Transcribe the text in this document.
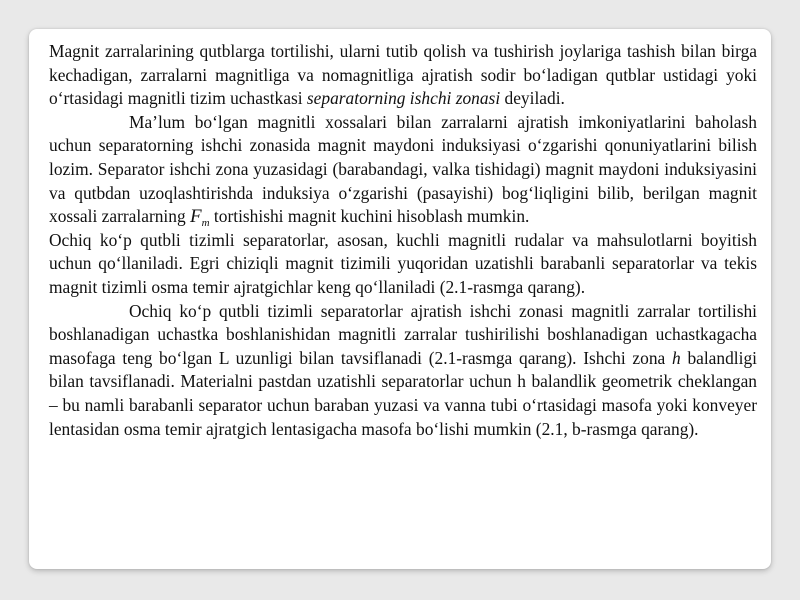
Magnit zarralarining qutblarga tortilishi, ularni tutib qolish va tushirish joylariga tashish bilan birga kechadigan, zarralarni magnitliga va nomagnitliga ajratish sodir bo‘ladigan qutblar ustidagi yoki o‘rtasidagi magnitli tizim uchastkasi separatorning ishchi zonasi deyiladi.

Ma’lum bo‘lgan magnitli xossalari bilan zarralarni ajratish imkoniyatlarini baholash uchun separatorning ishchi zonasida magnit maydoni induksiyasi o‘zgarishi qonuniyatlarini bilish lozim. Separator ishchi zona yuzasidagi (barabandagi, valka tishidagi) magnit maydoni induksiyasini va qutbdan uzoqlashtirishda induksiya o‘zgarishi (pasayishi) bog‘liqligini bilib, berilgan magnit xossali zarralarning $F_m$ tortishishi magnit kuchini hisoblash mumkin.

Ochiq ko‘p qutbli tizimli separatorlar, asosan, kuchli magnitli rudalar va mahsulotlarni boyitish uchun qo‘llaniladi. Egri chiziqli magnit tizimili yuqoridan uzatishli barabanli separatorlar va tekis magnit tizimli osma temir ajratgichlar keng qo‘llaniladi (2.1-rasmga qarang).

Ochiq ko‘p qutbli tizimli separatorlar ajratish ishchi zonasi magnitli zarralar tortilishi boshlanadigan uchastka boshlanishidan magnitli zarralar tushirilishi boshlanadigan uchastkagacha masofaga teng bo‘lgan L uzunligi bilan tavsiflanadi (2.1-rasmga qarang). Ishchi zona h balandligi bilan tavsiflanadi. Materialni pastdan uzatishli separatorlar uchun h balandlik geometrik cheklangan – bu namli barabanli separator uchun baraban yuzasi va vanna tubi o‘rtasidagi masofa yoki konveyer lentasidan osma temir ajratgich lentasigacha masofa bo‘lishi mumkin (2.1, b-rasmga qarang).
